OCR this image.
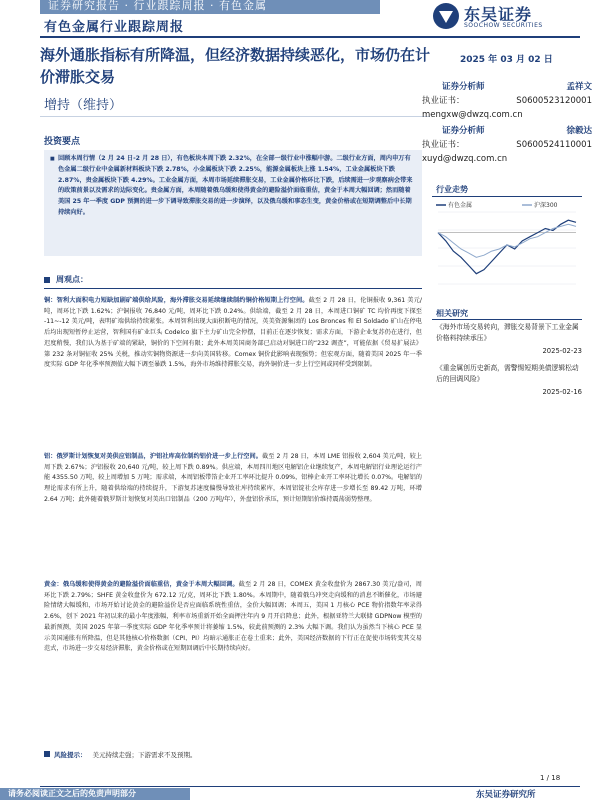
证券研究报告 · 行业跟踪周报 · 有色金属
有色金属行业跟踪周报
东吴证券
SOOCHOW SECURITIES
海外通胀指标有所降温，但经济数据持续恶化，市场仍在计价滞胀交易
2025 年 03 月 02 日
增持（维持）
证券分析师	孟祥文
执业证书：	S0600523120001
mengxw@dwzq.com.cn
证券分析师	徐毅达
执业证书：	S0600524110001
xuyd@dwzq.com.cn
投资要点
■ 回顾本周行情（2 月 24 日-2 月 28 日），有色板块本周下跌 2.32%，在全部一级行业中涨幅中游。二级行业方面，周内申万有色金属二级行业中金属新材料板块下跌 2.78%，小金属板块下跌 2.25%，能源金属板块上涨 1.54%，工业金属板块下跌 2.87%，贵金属板块下跌 4.29%。工业金属方面，本周市场延续滞胀交易，工业金属价格环比下跌，后续需进一步观察病会带来的政策前景以及需求的边际变化。贵金属方面，本周随着俄乌缓和使得黄金的避险溢价面临重估，黄金于本周大幅回调；然而随着美国 25 年一季度 GDP 预测的进一步下调导致滞胀交易的进一步演绎，以及俄乌缓和事态生变，黄金价格或在短期调整后中长期持续向好。
周观点：
铜：智利大面积电力短缺加剧矿端供给风险，海外滞胀交易延续继续制约铜价格短期上行空间。截至 2 月 28 日，伦铜报收 9,361 美元/吨，周环比下跌 1.62%；沪铜报收 76,840 元/吨，周环比下跌 0.24%。供给端，截至 2 月 28 日，本周进口铜矿 TC 均价再度下探至 -11~-12 美元/吨，表明矿端供给持续紧张。本周智利出现大面积断电的情况，英美资源集团的 Los Bronces 和 El Soldado 矿山在停电后均出现短暂停止运营，智利国有矿业巨头 Codelco 旗下主力矿山完全停摆，目前正在逐步恢复；需求方面，下游企业复苏仍在进行，但迟度稍慢，我们认为基于矿端的紧缺，铜价的下空间有限；此外本周美国商务部已启动对铜进口的“232 调查”，可能依据《贸易扩展法》第 232 条对铜征收 25% 关税，推动实铜物资源进一步向美国转移。Comex 铜价此影响表现强势；但宏观方面，随着美国 2025 年一季度实际 GDP 年化季率预测值大幅下调至暴跌 1.5%，海外市场维持滞胀交易，海外铜价进一步上行空间或同样受到限制。
铝：俄罗斯计划恢复对美供应铝制品，沪铝社库高位制约铝价进一步上行空间。截至 2 月 28 日，本周 LME 铝报收 2,604 美元/吨，较上周下跌 2.67%；沪铝报收 20,640 元/吨，较上周下跌 0.89%。供应端，本周四川地区电解铝企业继续复产，本周电解铝行业理论运行产能 4355.50 万吨，较上周增加 5 万吨；需求端，本周铝板带箔企业开工率环比提升 0.09%，铝棒企业开工率环比增长 0.07%。电解铝的理论需求有所上升，随着供给端的持续提升，下游复苏速度偏慢导致社库持续累库，本周铝锭社会库存进一步增长至 89.42 万吨，环增 2.64 万吨；此外随着俄罗斯计划恢复对美出口铝制品（200 万吨/年），外盘铝价承压，预计短期铝价维持震荡弱势整理。
黄金：俄乌缓和使得黄金的避险溢价面临重估，黄金于本周大幅回调。截至 2 月 28 日，COMEX 黄金收盘价为 2867.30 美元/盎司，周环比下跌 2.79%；SHFE 黄金收盘价为 672.12 元/克，周环比下跌 1.80%。本周期中，随着俄乌冲突走向缓和的消息不断催化，市场避险情绪大幅缓和，市场开始讨论黄金的避险溢价是否应面临系统性重估，金价大幅回调；本周五，美国 1 月核心 PCE 物价指数年率录得 2.6%，创下 2021 年初以来的最小年度涨幅，利率市场重新开始全面押注年内 9 月开启降息；此外，根据亚特兰大联储 GDPNow 模型的最新预测，美国 2025 年第一季度实际 GDP 年化季率预计将萎缩 1.5%，较此前预测的 2.3% 大幅下调。我们认为虽然当下核心 PCE 显示美国通胀有所降温，但是其他核心价格数据（CPI、PI）均暗示通胀正在卷土重来；此外，美国经济数据的下行正在促使市场转变其交易范式，市场进一步交易经济滞胀，黄金价格或在短期回调后中长期持续向好。
风险提示： 美元持续走强；下游需求不及预期。
行业走势
有色金属	沪深300
相关研究
《海外市场交易转向，滞胀交易背景下工业金属价格料持续承压》
2025-02-23
《重金属创历史新高，需警惕短期美债逻辑松动后的回调风险》
2025-02-16
1 / 18
请务必阅读正文之后的免责声明部分	东吴证券研究所
